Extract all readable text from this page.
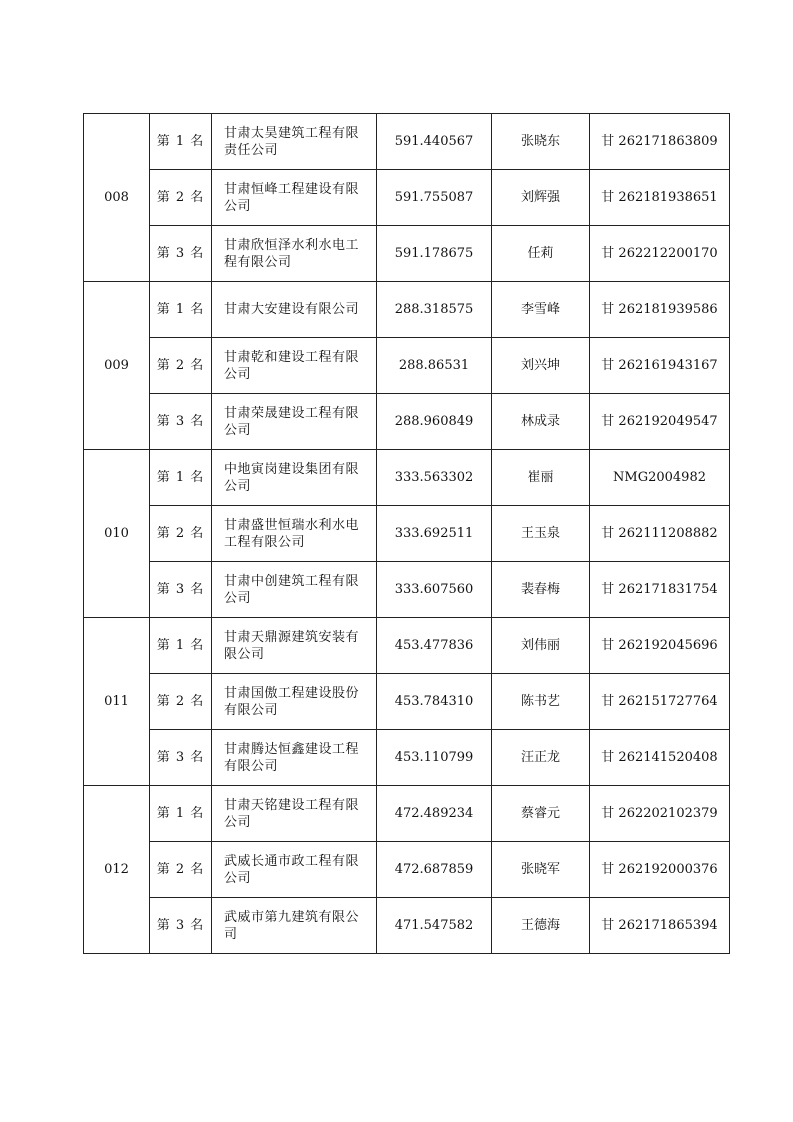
008	第 1 名	甘肃太昊建筑工程有限责任公司	591.440567	张晓东	甘 262171863809
	第 2 名	甘肃恒峰工程建设有限公司	591.755087	刘辉强	甘 262181938651
	第 3 名	甘肃欣恒泽水利水电工程有限公司	591.178675	任莉	甘 262212200170
009	第 1 名	甘肃大安建设有限公司	288.318575	李雪峰	甘 262181939586
	第 2 名	甘肃乾和建设工程有限公司	288.86531	刘兴坤	甘 262161943167
	第 3 名	甘肃荣晟建设工程有限公司	288.960849	林成录	甘 262192049547
010	第 1 名	中地寅岗建设集团有限公司	333.563302	崔丽	NMG2004982
	第 2 名	甘肃盛世恒瑞水利水电工程有限公司	333.692511	王玉泉	甘 262111208882
	第 3 名	甘肃中创建筑工程有限公司	333.607560	裴春梅	甘 262171831754
011	第 1 名	甘肃天鼎源建筑安装有限公司	453.477836	刘伟丽	甘 262192045696
	第 2 名	甘肃国傲工程建设股份有限公司	453.784310	陈书艺	甘 262151727764
	第 3 名	甘肃腾达恒鑫建设工程有限公司	453.110799	汪正龙	甘 262141520408
012	第 1 名	甘肃天铭建设工程有限公司	472.489234	蔡睿元	甘 262202102379
	第 2 名	武威长通市政工程有限公司	472.687859	张晓军	甘 262192000376
	第 3 名	武威市第九建筑有限公司	471.547582	王德海	甘 262171865394
